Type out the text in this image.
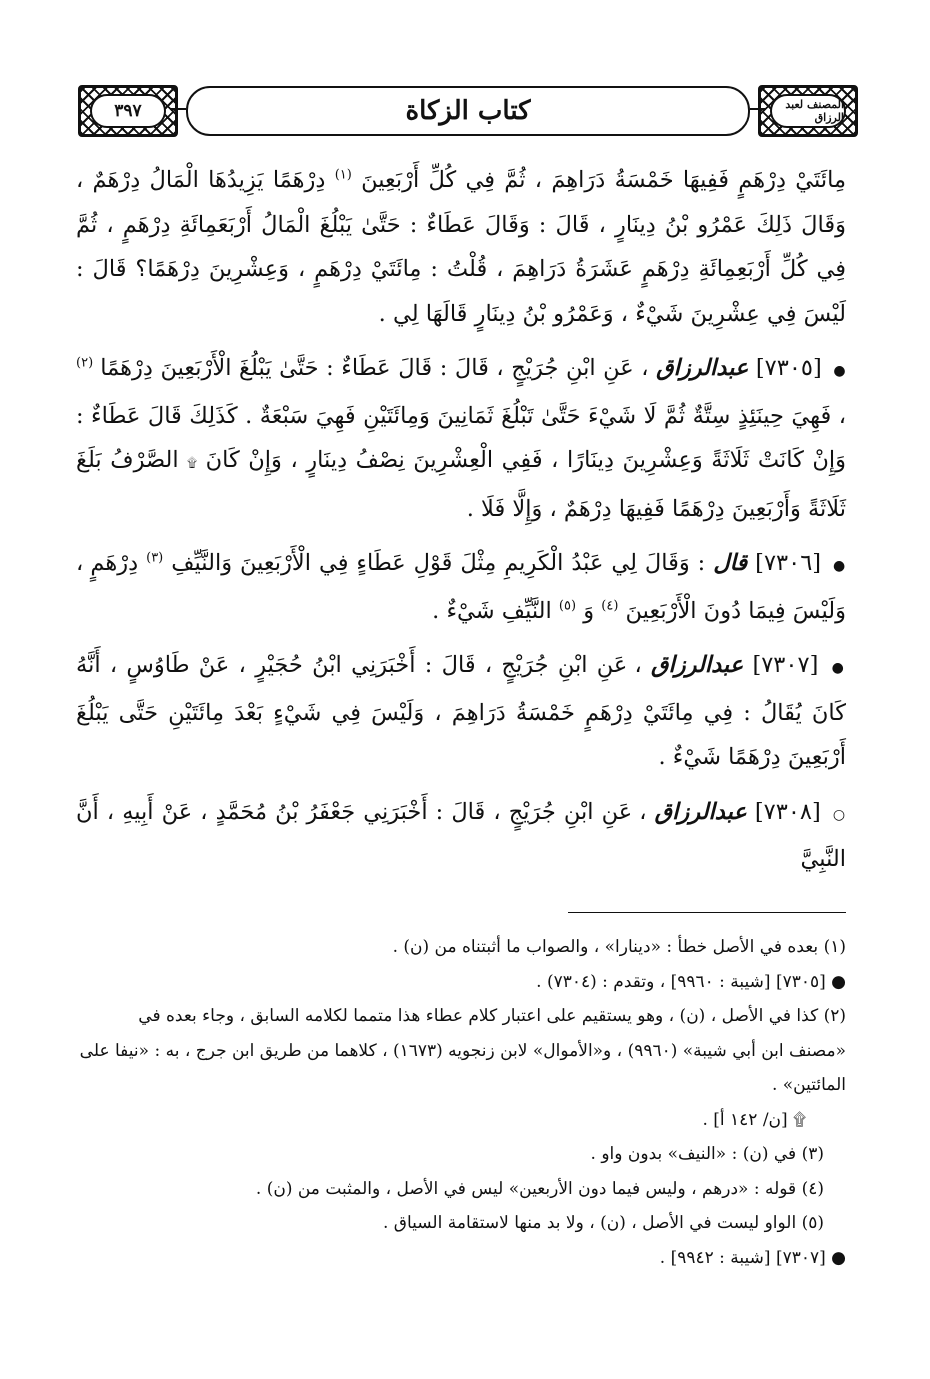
المصنف لعبد الرزاق
كتاب الزكاة
٣٩٧

مِائَتَيْ دِرْهَمٍ فَفِيهَا خَمْسَةُ دَرَاهِمَ ، ثُمَّ فِي كُلِّ أَرْبَعِينَ $^{(١)}$ دِرْهَمًا يَزِيدُهَا الْمَالُ دِرْهَمٌ ، وَقَالَ ذَلِكَ عَمْرُو بْنُ دِينَارٍ ، قَالَ : وَقَالَ عَطَاءٌ : حَتَّىٰ يَبْلُغَ الْمَالُ أَرْبَعَمِائَةِ دِرْهَمٍ ، ثُمَّ فِي كُلِّ أَرْبَعِمِائَةِ دِرْهَمٍ عَشَرَةُ دَرَاهِمَ ، قُلْتُ : مِائَتَيْ دِرْهَمٍ ، وَعِشْرِينَ دِرْهَمًا؟ قَالَ : لَيْسَ فِي عِشْرِينَ شَيْءٌ ، وَعَمْرُو بْنُ دِينَارٍ قَالَهَا لِي .

● [٧٣٠٥] عبدالرزاق ، عَنِ ابْنِ جُرَيْجٍ ، قَالَ : قَالَ عَطَاءٌ : حَتَّىٰ يَبْلُغَ الْأَرْبَعِينَ دِرْهَمًا $^{(٢)}$ ، فَهِيَ حِينَئِذٍ سِتَّةٌ ثُمَّ لَا شَيْءَ حَتَّىٰ تَبْلُغَ ثَمَانِينَ وَمِائَتَيْنِ فَهِيَ سَبْعَةٌ . كَذَلِكَ قَالَ عَطَاءٌ : وَإِنْ كَانَتْ ثَلَاثَةً وَعِشْرِينَ دِينَارًا ، فَفِي الْعِشْرِينَ نِصْفُ دِينَارٍ ، وَإِنْ كَانَ ۩ الصَّرْفُ بَلَغَ ثَلَاثَةً وَأَرْبَعِينَ دِرْهَمًا فَفِيهَا دِرْهَمٌ ، وَإِلَّا فَلَا .

● [٧٣٠٦] قال : وَقَالَ لِي عَبْدُ الْكَرِيمِ مِثْلَ قَوْلِ عَطَاءٍ فِي الْأَرْبَعِينَ وَالنَّيِّفِ $^{(٣)}$ دِرْهَمٍ ، وَلَيْسَ فِيمَا دُونَ الْأَرْبَعِينَ $^{(٤)}$ وَ $^{(٥)}$ النَّيِّفِ شَيْءٌ .

● [٧٣٠٧] عبدالرزاق ، عَنِ ابْنِ جُرَيْجٍ ، قَالَ : أَخْبَرَنِي ابْنُ حُجَيْرٍ ، عَنْ طَاوُسٍ ، أَنَّهُ كَانَ يُقَالُ : فِي مِائَتَيْ دِرْهَمٍ خَمْسَةُ دَرَاهِمَ ، وَلَيْسَ فِي شَيْءٍ بَعْدَ مِائَتَيْنِ حَتَّى يَبْلُغَ أَرْبَعِينَ دِرْهَمًا شَيْءٌ .

○ [٧٣٠٨] عبدالرزاق ، عَنِ ابْنِ جُرَيْجٍ ، قَالَ : أَخْبَرَنِي جَعْفَرُ بْنُ مُحَمَّدٍ ، عَنْ أَبِيهِ ، أَنَّ النَّبِيَّ

(١) بعده في الأصل خطأ : «دينارا» ، والصواب ما أثبتناه من (ن) .

● [٧٣٠٥] [شيبة : ٩٩٦٠] ، وتقدم : (٧٣٠٤) .

(٢) كذا في الأصل ، (ن) ، وهو يستقيم على اعتبار كلام عطاء هذا متمما لكلامه السابق ، وجاء بعده في «مصنف ابن أبي شيبة» (٩٩٦٠) ، و«الأموال» لابن زنجويه (١٦٧٣) ، كلاهما من طريق ابن جرج ، به : «نيفا على المائتين» .

۩ [ن/ ١٤٢ أ] .

(٣) في (ن) : «النيف» بدون واو .

(٤) قوله : «درهم ، وليس فيما دون الأربعين» ليس في الأصل ، والمثبت من (ن) .

(٥) الواو ليست في الأصل ، (ن) ، ولا بد منها لاستقامة السياق .

● [٧٣٠٧] [شيبة : ٩٩٤٢] .
